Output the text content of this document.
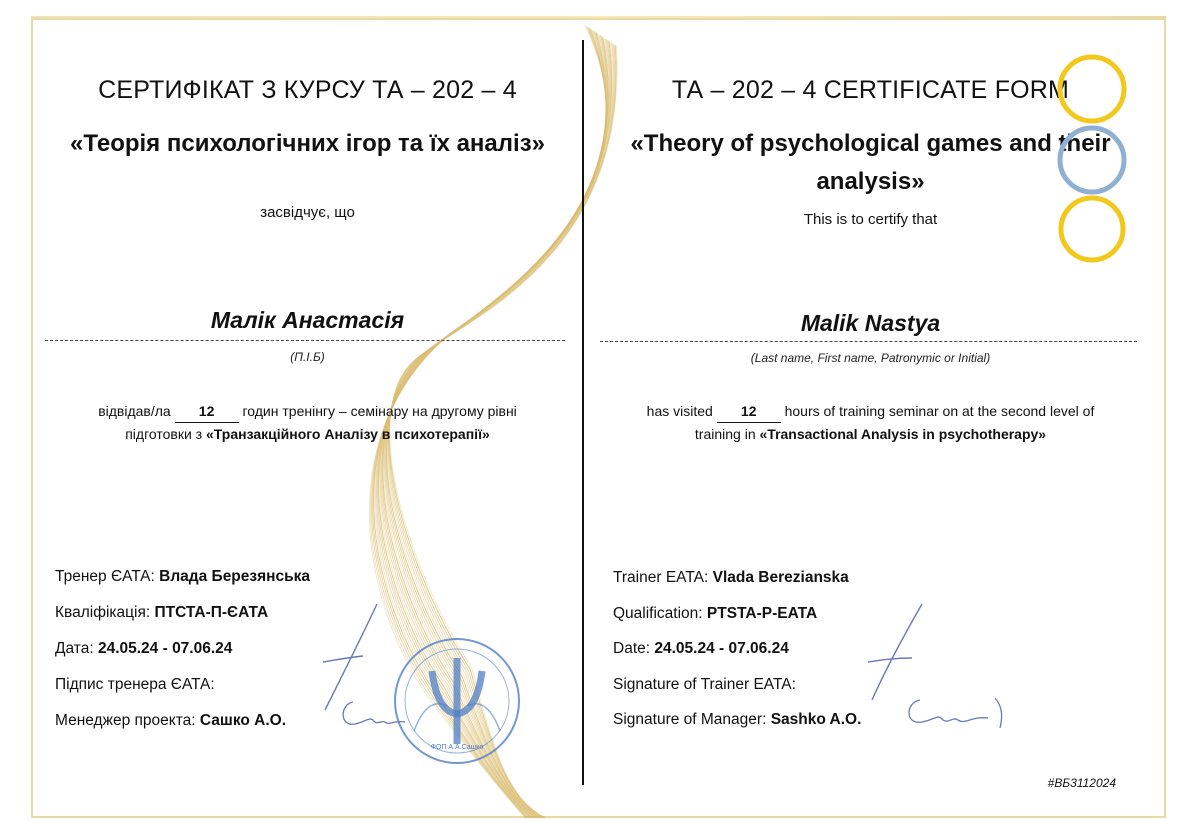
СЕРТИФІКАТ З КУРСУ ТА – 202 – 4
«Теорія психологічних ігор та їх аналіз»
засвідчує, що
Малік Анастасія
(П.І.Б)
відвідав/ла 12 годин тренінгу – семінару на другому рівні
підготовки з «Транзакційного Аналізу в психотерапії»
Тренер ЄАТА: Влада Березянська
Кваліфікація: ПТСТА-П-ЄАТА
Дата: 24.05.24 - 07.06.24
Підпис тренера ЄАТА:
Менеджер проекта: Сашко А.О.
ТА – 202 – 4 CERTIFICATE FORM
«Theory of psychological games and their
analysis»
This is to certify that
Malik Nastya
(Last name, First name, Patronymic or Initial)
has visited 12 hours of training seminar on at the second level of
training in «Transactional Analysis in psychotherapy»
Trainer EATA: Vlada Berezianska
Qualification: PTSTA-P-EATA
Date: 24.05.24 - 07.06.24
Signature of Trainer EATA:
Signature of Manager: Sashko A.O.
ФОП А.А.Сашко
#ВБ3112024
